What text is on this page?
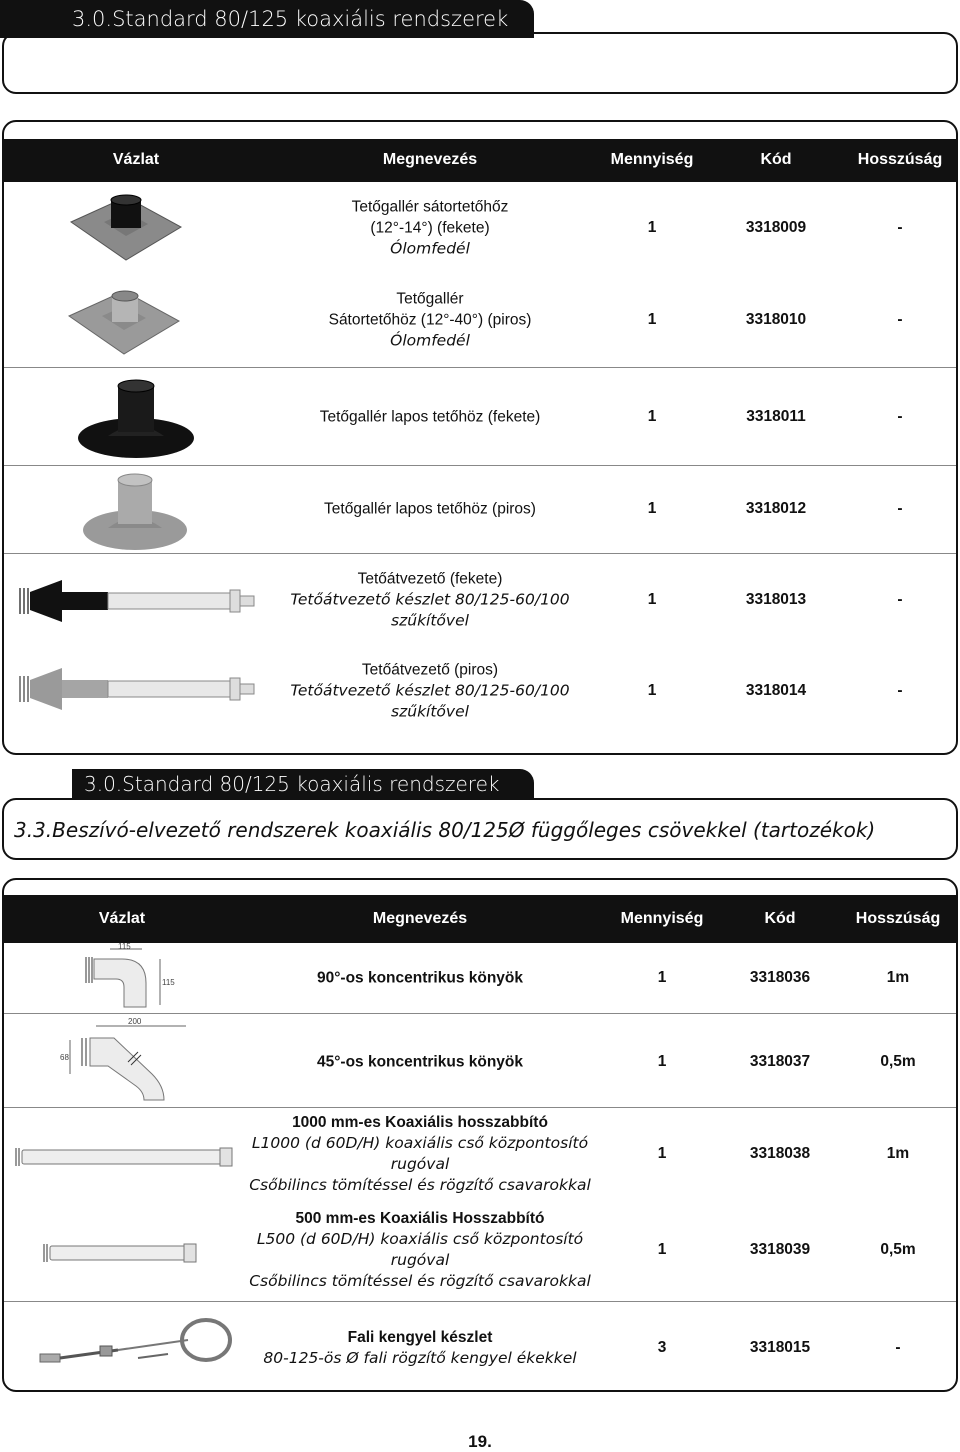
3.0.Standard 80/125 koaxiális rendszerek
Vázlat	Megnevezés	Mennyiség	Kód	Hosszúság
Tetőgallér sátortetőhőz
(12°-14°) (fekete)
Ólomfedél
1	3318009	-
Tetőgallér
Sátortetőhöz (12°-40°) (piros)
Ólomfedél
1	3318010	-
Tetőgallér lapos tetőhöz (fekete)	1	3318011	-
Tetőgallér lapos tetőhöz (piros)	1	3318012	-
Tetőátvezető (fekete)
Tetőátvezető készlet 80/125-60/100
szűkítővel
1	3318013	-
Tetőátvezető (piros)
Tetőátvezető készlet 80/125-60/100
szűkítővel
1	3318014	-
3.3.Beszívó-elvezető rendszerek koaxiális 80/125Ø függőleges csövekkel (tartozékok)
3.0.Standard 80/125 koaxiális rendszerek
Vázlat	Megnevezés	Mennyiség	Kód	Hosszúság
115
115	90°-os koncentrikus könyök	1	3318036	1m
200
68	45°-os koncentrikus könyök	1	3318037	0,5m
1000 mm-es Koaxiális hosszabbító
L1000 (d 60D/H) koaxiális cső központosító
rugóval
Csőbilincs tömítéssel és rögzítő csavarokkal
1	3318038	1m
500 mm-es Koaxiális Hosszabbító
L500 (d 60D/H) koaxiális cső központosító
rugóval
Csőbilincs tömítéssel és rögzítő csavarokkal
1	3318039	0,5m
Fali kengyel készlet
80-125-ös Ø fali rögzítő kengyel ékekkel
3	3318015	-
19.
